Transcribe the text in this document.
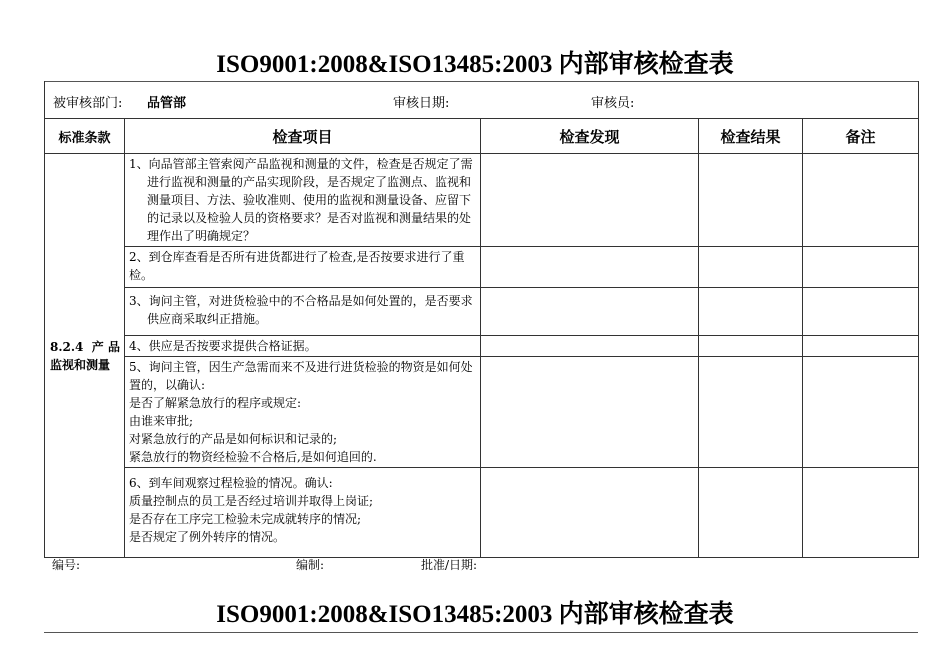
ISO9001:2008&ISO13485:2003 内部审核检查表
被审核部门: 品管部 审核日期: 审核员:				

标准条款	检查项目	检查发现	检查结果	备注
8.2.4 产品监视和测量	1、向品管部主管索阅产品监视和测量的文件，检查是否规定了需进行监视和测量的产品实现阶段，是否规定了监测点、监视和测量项目、方法、验收准则、使用的监视和测量设备、应留下的记录以及检验人员的资格要求？是否对监视和测量结果的处理作出了明确规定？			

	2、到仓库查看是否所有进货都进行了检查,是否按要求进行了重检。			

	3、询问主管，对进货检验中的不合格品是如何处置的，是否要求供应商采取纠正措施。			

	4、供应是否按要求提供合格证据。			

	5、询问主管，因生产急需而来不及进行进货检验的物资是如何处置的，以确认:

是否了解紧急放行的程序或规定:

由谁来审批;

对紧急放行的产品是如何标识和记录的;

紧急放行的物资经检验不合格后,是如何追回的.			

	6、到车间观察过程检验的情况。确认:

质量控制点的员工是否经过培训并取得上岗证;

是否存在工序完工检验未完成就转序的情况;

是否规定了例外转序的情况。			

编号:	编制:	批准/日期:
ISO9001:2008&ISO13485:2003 内部审核检查表
